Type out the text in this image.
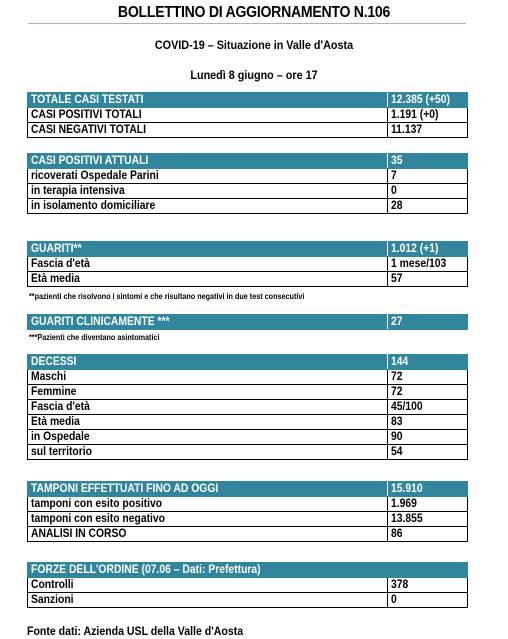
BOLLETTINO DI AGGIORNAMENTO N.106
COVID-19 – Situazione in Valle d'Aosta
Lunedì 8 giugno – ore 17
TOTALE CASI TESTATI	12.385 (+50)
CASI POSITIVI TOTALI	1.191 (+0)
CASI NEGATIVI TOTALI	11.137
CASI POSITIVI ATTUALI	35
ricoverati Ospedale Parini	7
in terapia intensiva	0
in isolamento domiciliare	28
GUARITI**	1.012 (+1)
Fascia d'età	1 mese/103
Età media	57
**pazienti che risolvono i sintomi e che risultano negativi in due test consecutivi
GUARITI CLINICAMENTE ***	27
***Pazienti che diventano asintomatici
DECESSI	144
Maschi	72
Femmine	72
Fascia d'età	45/100
Età media	83
in Ospedale	90
sul territorio	54
TAMPONI EFFETTUATI FINO AD OGGI	15.910
tamponi con esito positivo	1.969
tamponi con esito negativo	13.855
ANALISI IN CORSO	86
FORZE DELL'ORDINE (07.06 – Dati: Prefettura)	
Controlli	378
Sanzioni	0
Fonte dati: Azienda USL della Valle d'Aosta
